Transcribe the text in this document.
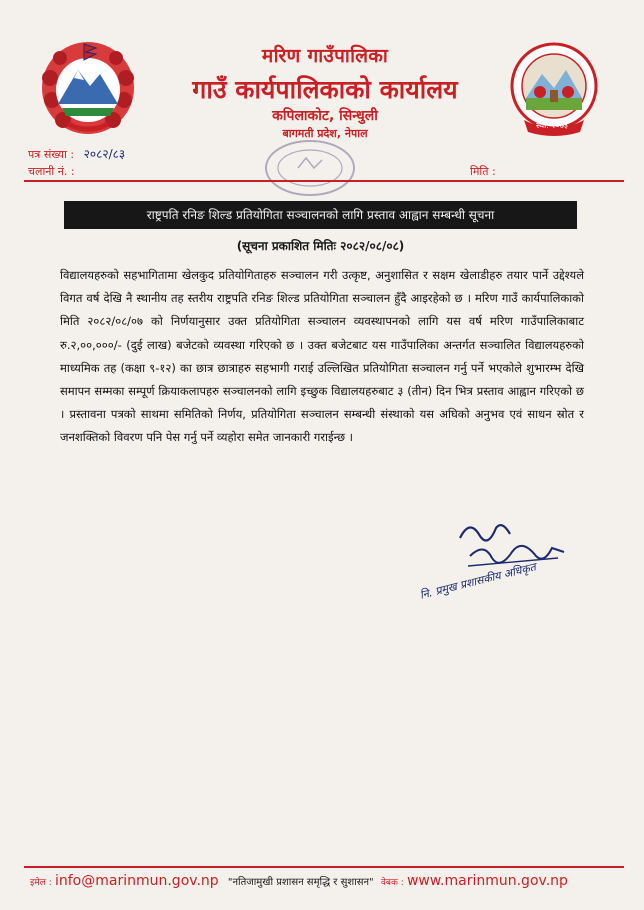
मरिण गाउँपालिका
गाउँ कार्यपालिकाको कार्यालय
कपिलाकोट, सिन्धुली
बागमती प्रदेश, नेपाल
स्था: २०७३
पत्र संख्या : २०८२/८३
चलानी नं. :	मिति :
राष्ट्रपति रनिङ शिल्ड प्रतियोगिता सञ्चालनको लागि प्रस्ताव आह्वान सम्बन्धी सूचना
(सूचना प्रकाशित मितिः २०८२/०८/०८)
विद्यालयहरुको सहभागितामा खेलकुद प्रतियोगिताहरु सञ्चालन गरी उत्कृष्ट, अनुशासित र सक्षम खेलाडीहरु तयार पार्ने उद्देश्यले विगत वर्ष देखि नै स्थानीय तह स्तरीय राष्ट्रपति रनिङ शिल्ड प्रतियोगिता सञ्चालन हुँदै आइरहेको छ । मरिण गाउँ कार्यपालिकाको मिति २०८२/०८/०७ को निर्णयानुसार उक्त प्रतियोगिता सञ्चालन व्यवस्थापनको लागि यस वर्ष मरिण गाउँपालिकाबाट रु.२,००,०००/- (दुई लाख) बजेटको व्यवस्था गरिएको छ । उक्त बजेटबाट यस गाउँपालिका अन्तर्गत सञ्चालित विद्यालयहरुको माध्यमिक तह (कक्षा ९-१२) का छात्र छात्राहरु सहभागी गराई उल्लिखित प्रतियोगिता सञ्चालन गर्नु पर्ने भएकोले शुभारम्भ देखि समापन सम्मका सम्पूर्ण क्रियाकलापहरु सञ्चालनको लागि इच्छुक विद्यालयहरुबाट ३ (तीन) दिन भित्र प्रस्ताव आह्वान गरिएको छ । प्रस्तावना पत्रको साथमा समितिको निर्णय, प्रतियोगिता सञ्चालन सम्बन्धी संस्थाको यस अघिको अनुभव एवं साधन स्रोत र जनशक्तिको विवरण पनि पेस गर्नु पर्ने व्यहोरा समेत जानकारी गराईन्छ ।
नि. प्रमुख प्रशासकीय अधिकृत
इमेल : info@marinmun.gov.np "नतिजामुखी प्रशासन समृद्धि र सुशासन" वेबक : www.marinmun.gov.np
